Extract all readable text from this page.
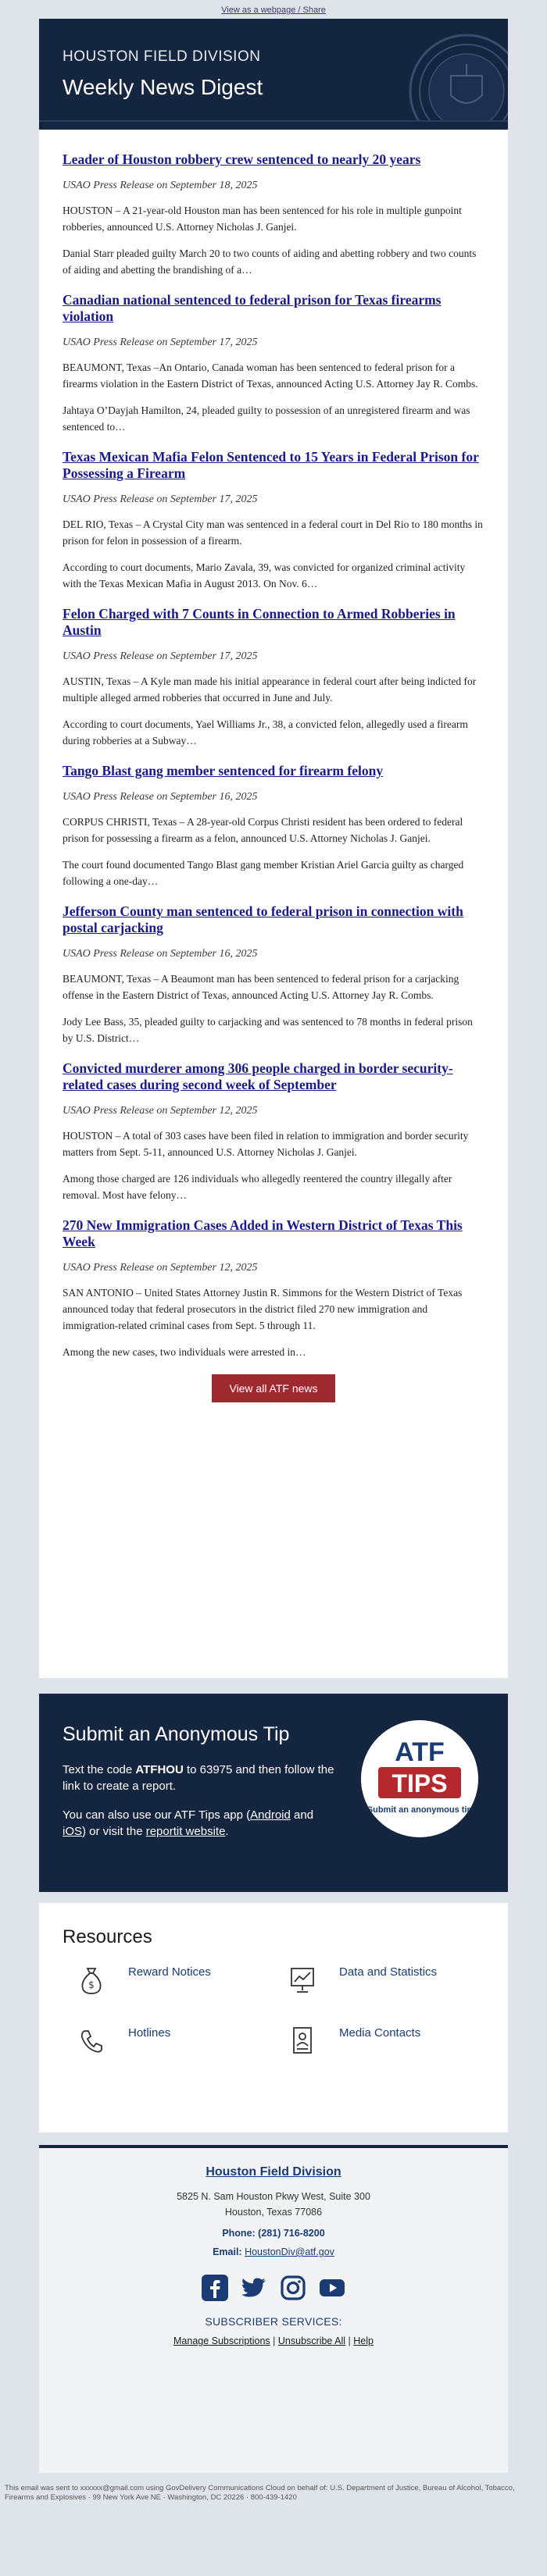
View as a webpage / Share
HOUSTON FIELD DIVISION
Weekly News Digest
Leader of Houston robbery crew sentenced to nearly 20 years
USAO Press Release on September 18, 2025

HOUSTON – A 21-year-old Houston man has been sentenced for his role in multiple gunpoint robberies, announced U.S. Attorney Nicholas J. Ganjei.

Danial Starr pleaded guilty March 20 to two counts of aiding and abetting robbery and two counts of aiding and abetting the brandishing of a…

Canadian national sentenced to federal prison for Texas firearms violation
USAO Press Release on September 17, 2025

BEAUMONT, Texas –An Ontario, Canada woman has been sentenced to federal prison for a firearms violation in the Eastern District of Texas, announced Acting U.S. Attorney Jay R. Combs.

Jahtaya O’Dayjah Hamilton, 24, pleaded guilty to possession of an unregistered firearm and was sentenced to…

Texas Mexican Mafia Felon Sentenced to 15 Years in Federal Prison for Possessing a Firearm
USAO Press Release on September 17, 2025

DEL RIO, Texas – A Crystal City man was sentenced in a federal court in Del Rio to 180 months in prison for felon in possession of a firearm.

According to court documents, Mario Zavala, 39, was convicted for organized criminal activity with the Texas Mexican Mafia in August 2013. On Nov. 6…

Felon Charged with 7 Counts in Connection to Armed Robberies in Austin
USAO Press Release on September 17, 2025

AUSTIN, Texas – A Kyle man made his initial appearance in federal court after being indicted for multiple alleged armed robberies that occurred in June and July.

According to court documents, Yael Williams Jr., 38, a convicted felon, allegedly used a firearm during robberies at a Subway…

Tango Blast gang member sentenced for firearm felony
USAO Press Release on September 16, 2025

CORPUS CHRISTI, Texas – A 28-year-old Corpus Christi resident has been ordered to federal prison for possessing a firearm as a felon, announced U.S. Attorney Nicholas J. Ganjei.

The court found documented Tango Blast gang member Kristian Ariel Garcia guilty as charged following a one-day…

Jefferson County man sentenced to federal prison in connection with postal carjacking
USAO Press Release on September 16, 2025

BEAUMONT, Texas – A Beaumont man has been sentenced to federal prison for a carjacking offense in the Eastern District of Texas, announced Acting U.S. Attorney Jay R. Combs.

Jody Lee Bass, 35, pleaded guilty to carjacking and was sentenced to 78 months in federal prison by U.S. District…

Convicted murderer among 306 people charged in border security-related cases during second week of September
USAO Press Release on September 12, 2025

HOUSTON – A total of 303 cases have been filed in relation to immigration and border security matters from Sept. 5-11, announced U.S. Attorney Nicholas J. Ganjei.

Among those charged are 126 individuals who allegedly reentered the country illegally after removal. Most have felony…

270 New Immigration Cases Added in Western District of Texas This Week
USAO Press Release on September 12, 2025

SAN ANTONIO – United States Attorney Justin R. Simmons for the Western District of Texas announced today that federal prosecutors in the district filed 270 new immigration and immigration-related criminal cases from Sept. 5 through 11.

Among the new cases, two individuals were arrested in…

View all ATF news
Submit an Anonymous Tip

Text the code ATFHOU to 63975 and then follow the link to create a report.

You can also use our ATF Tips app (Android and iOS) or visit the reportit website.

ATF
TIPS
Submit an anonymous tip
Resources
$
Reward Notices	Data and Statistics
Hotlines	Media Contacts
Houston Field Division
5825 N. Sam Houston Pkwy West, Suite 300
Houston, Texas 77086
Phone: (281) 716-8200
Email: HoustonDiv@atf.gov
SUBSCRIBER SERVICES:
Manage Subscriptions | Unsubscribe All | Help
This email was sent to xxxxxx@gmail.com using GovDelivery Communications Cloud on behalf of: U.S. Department of Justice, Bureau of Alcohol, Tobacco, Firearms and Explosives · 99 New York Ave NE · Washington, DC 20226 · 800-439-1420
